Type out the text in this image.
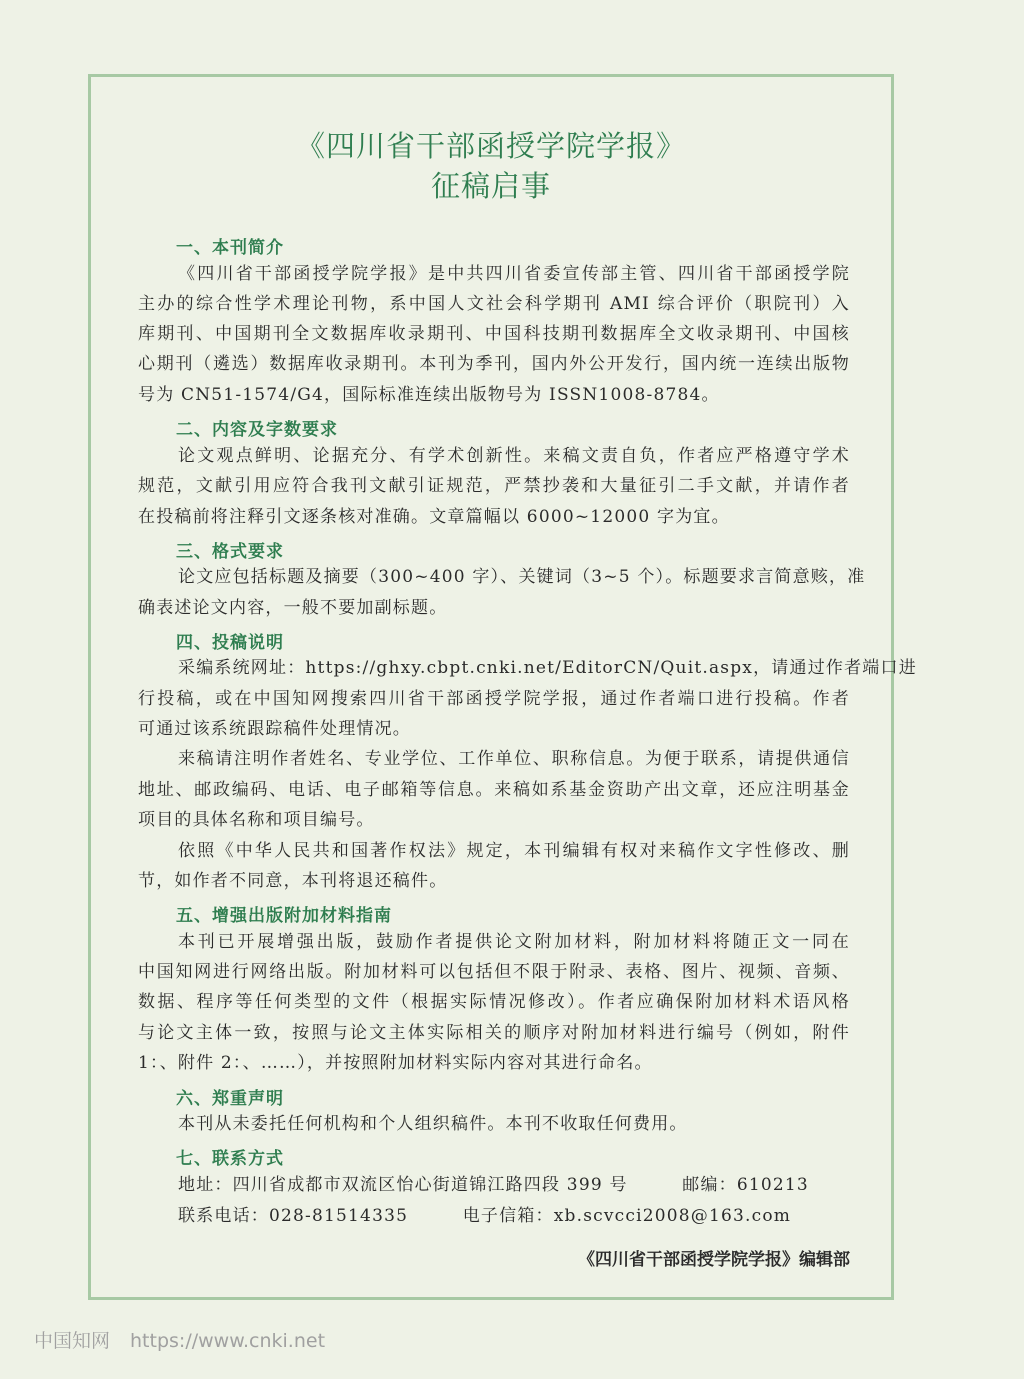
《四川省干部函授学院学报》
征稿启事
一、本刊简介
《四川省干部函授学院学报》是中共四川省委宣传部主管、四川省干部函授学院
主办的综合性学术理论刊物，系中国人文社会科学期刊 AMI 综合评价（职院刊）入
库期刊、中国期刊全文数据库收录期刊、中国科技期刊数据库全文收录期刊、中国核
心期刊（遴选）数据库收录期刊。本刊为季刊，国内外公开发行，国内统一连续出版物
号为 CN51-1574/G4，国际标准连续出版物号为 ISSN1008-8784。
二、内容及字数要求
论文观点鲜明、论据充分、有学术创新性。来稿文责自负，作者应严格遵守学术
规范，文献引用应符合我刊文献引证规范，严禁抄袭和大量征引二手文献，并请作者
在投稿前将注释引文逐条核对准确。文章篇幅以 6000~12000 字为宜。
三、格式要求
论文应包括标题及摘要（300~400 字）、关键词（3~5 个）。标题要求言简意赅，准
确表述论文内容，一般不要加副标题。
四、投稿说明
采编系统网址：https://ghxy.cbpt.cnki.net/EditorCN/Quit.aspx，请通过作者端口进
行投稿，或在中国知网搜索四川省干部函授学院学报，通过作者端口进行投稿。作者
可通过该系统跟踪稿件处理情况。
来稿请注明作者姓名、专业学位、工作单位、职称信息。为便于联系，请提供通信
地址、邮政编码、电话、电子邮箱等信息。来稿如系基金资助产出文章，还应注明基金
项目的具体名称和项目编号。
依照《中华人民共和国著作权法》规定，本刊编辑有权对来稿作文字性修改、删
节，如作者不同意，本刊将退还稿件。
五、增强出版附加材料指南
本刊已开展增强出版，鼓励作者提供论文附加材料，附加材料将随正文一同在
中国知网进行网络出版。附加材料可以包括但不限于附录、表格、图片、视频、音频、
数据、程序等任何类型的文件（根据实际情况修改）。作者应确保附加材料术语风格
与论文主体一致，按照与论文主体实际相关的顺序对附加材料进行编号（例如，附件
1：、附件 2：、……），并按照附加材料实际内容对其进行命名。
六、郑重声明
本刊从未委托任何机构和个人组织稿件。本刊不收取任何费用。
七、联系方式
地址：四川省成都市双流区怡心街道锦江路四段 399 号　　　邮编：610213
联系电话：028-81514335　　　电子信箱：xb.scvcci2008@163.com
《四川省干部函授学院学报》编辑部
中国知网 https://www.cnki.net
